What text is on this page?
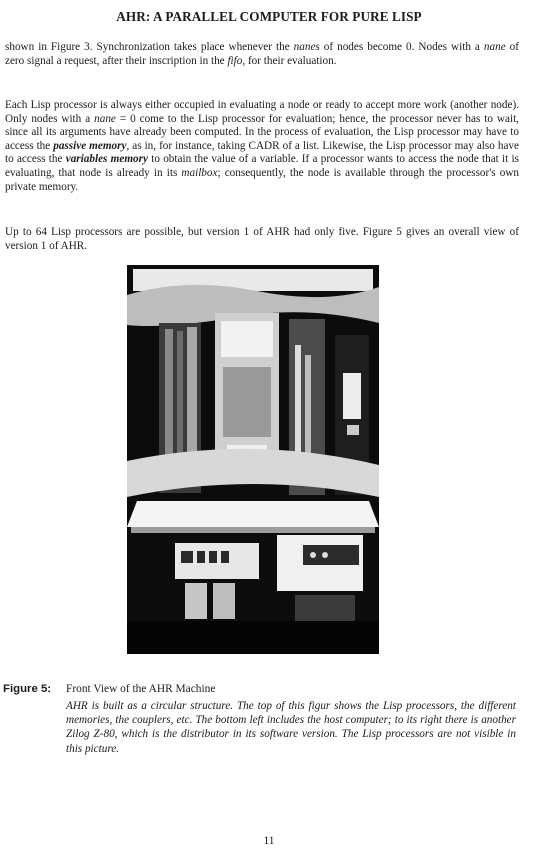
AHR: A PARALLEL COMPUTER FOR PURE LISP

shown in Figure 3. Synchronization takes place whenever the nanes of nodes become 0. Nodes with a nane of zero signal a request, after their inscription in the fifo, for their evaluation.

Each Lisp processor is always either occupied in evaluating a node or ready to accept more work (another node). Only nodes with a nane = 0 come to the Lisp processor for evaluation; hence, the processor never has to wait, since all its arguments have already been computed. In the process of evaluation, the Lisp processor may have to access the passive memory, as in, for instance, taking CADR of a list. Likewise, the Lisp processor may also have to access the variables memory to obtain the value of a variable. If a processor wants to access the node that it is evaluating, that node is already in its mailbox; consequently, the node is available through the processor's own private memory.

Up to 64 Lisp processors are possible, but version 1 of AHR had only five. Figure 5 gives an overall view of version 1 of AHR.

Figure 5: Front View of the AHR Machine
AHR is built as a circular structure. The top of this figur shows the Lisp processors, the different memories, the couplers, etc. The bottom left includes the host computer; to its right there is another Zilog Z-80, which is the distributor in its software version. The Lisp processors are not visible in this picture.
11
